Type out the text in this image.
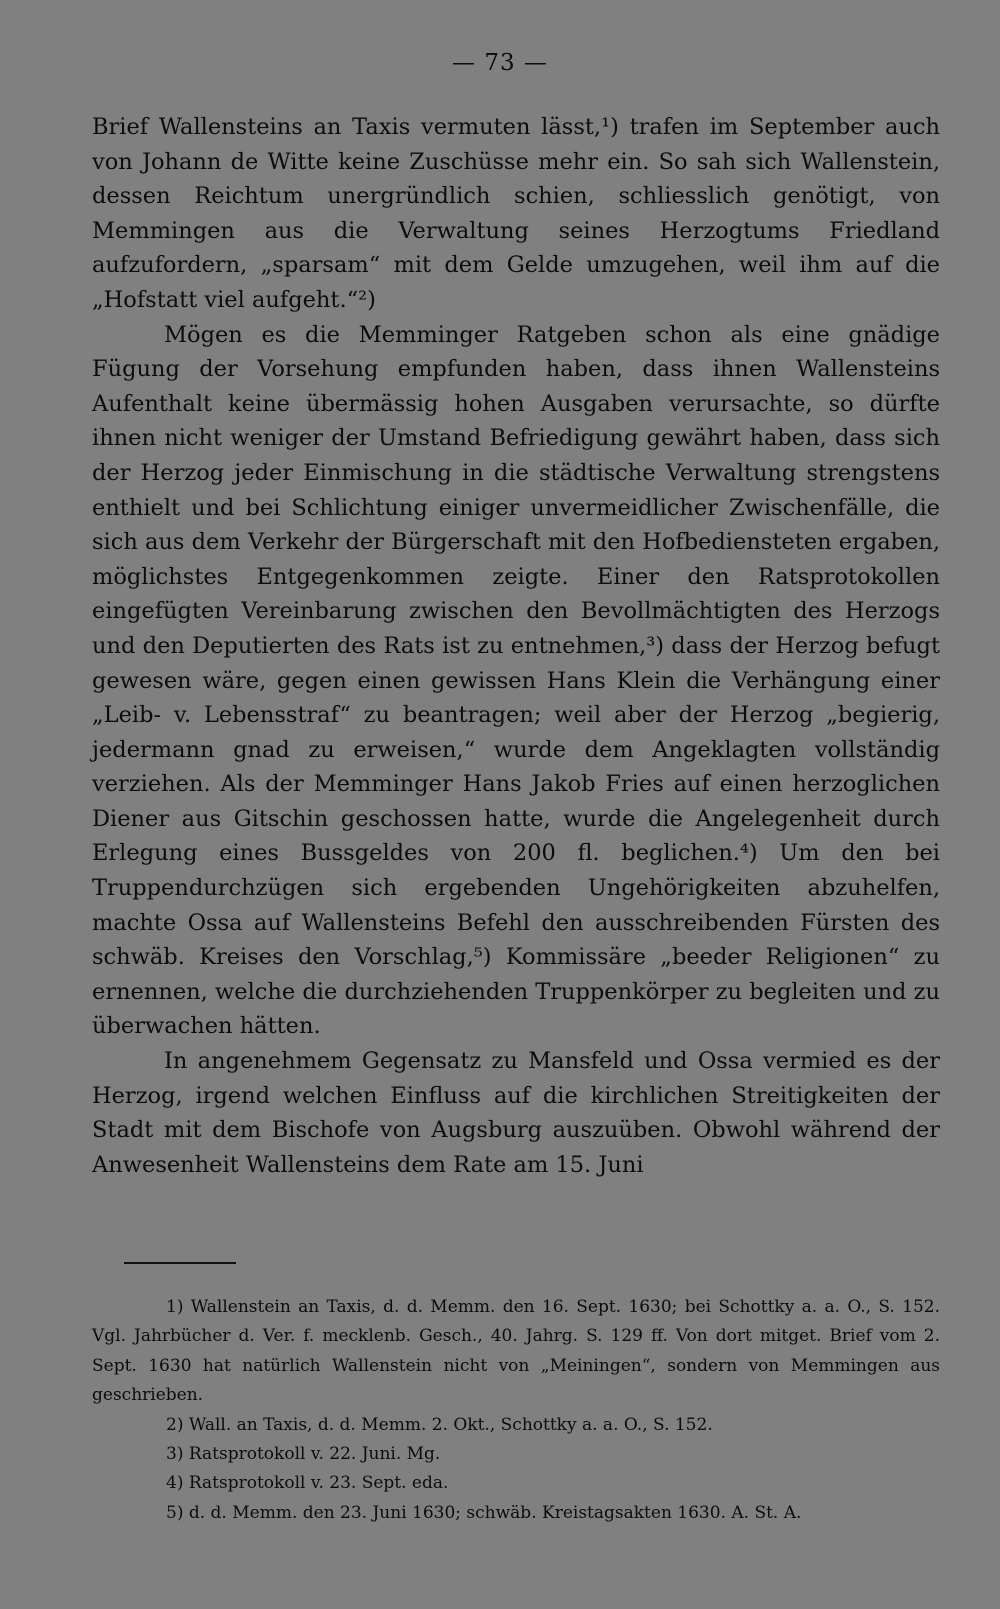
— 73 —

Brief Wallensteins an Taxis vermuten lässt,¹) trafen im September auch von Johann de Witte keine Zuschüsse mehr ein. So sah sich Wallenstein, dessen Reichtum unergründlich schien, schliesslich genötigt, von Memmingen aus die Verwaltung seines Herzogtums Friedland aufzufordern, „sparsam“ mit dem Gelde umzugehen, weil ihm auf die „Hofstatt viel aufgeht.“²)

Mögen es die Memminger Ratgeben schon als eine gnädige Fügung der Vorsehung empfunden haben, dass ihnen Wallensteins Aufenthalt keine übermässig hohen Ausgaben verursachte, so dürfte ihnen nicht weniger der Umstand Befriedigung gewährt haben, dass sich der Herzog jeder Einmischung in die städtische Verwaltung strengstens enthielt und bei Schlichtung einiger unvermeidlicher Zwischenfälle, die sich aus dem Verkehr der Bürgerschaft mit den Hofbediensteten ergaben, möglichstes Entgegenkommen zeigte. Einer den Ratsprotokollen eingefügten Vereinbarung zwischen den Bevollmächtigten des Herzogs und den Deputierten des Rats ist zu entnehmen,³) dass der Herzog befugt gewesen wäre, gegen einen gewissen Hans Klein die Verhängung einer „Leib- v. Lebensstraf“ zu beantragen; weil aber der Herzog „begierig, jedermann gnad zu erweisen,“ wurde dem Angeklagten vollständig verziehen. Als der Memminger Hans Jakob Fries auf einen herzoglichen Diener aus Gitschin geschossen hatte, wurde die Angelegenheit durch Erlegung eines Bussgeldes von 200 fl. beglichen.⁴) Um den bei Truppendurchzügen sich ergebenden Ungehörigkeiten abzuhelfen, machte Ossa auf Wallensteins Befehl den ausschreibenden Fürsten des schwäb. Kreises den Vorschlag,⁵) Kommissäre „beeder Religionen“ zu ernennen, welche die durchziehenden Truppenkörper zu begleiten und zu überwachen hätten.

In angenehmem Gegensatz zu Mansfeld und Ossa vermied es der Herzog, irgend welchen Einfluss auf die kirchlichen Streitigkeiten der Stadt mit dem Bischofe von Augsburg auszuüben. Obwohl während der Anwesenheit Wallensteins dem Rate am 15. Juni

1) Wallenstein an Taxis, d. d. Memm. den 16. Sept. 1630; bei Schottky a. a. O., S. 152. Vgl. Jahrbücher d. Ver. f. mecklenb. Gesch., 40. Jahrg. S. 129 ff. Von dort mitget. Brief vom 2. Sept. 1630 hat natürlich Wallenstein nicht von „Meiningen“, sondern von Memmingen aus geschrieben.

2) Wall. an Taxis, d. d. Memm. 2. Okt., Schottky a. a. O., S. 152.

3) Ratsprotokoll v. 22. Juni. Mg.

4) Ratsprotokoll v. 23. Sept. eda.

5) d. d. Memm. den 23. Juni 1630; schwäb. Kreistagsakten 1630. A. St. A.
